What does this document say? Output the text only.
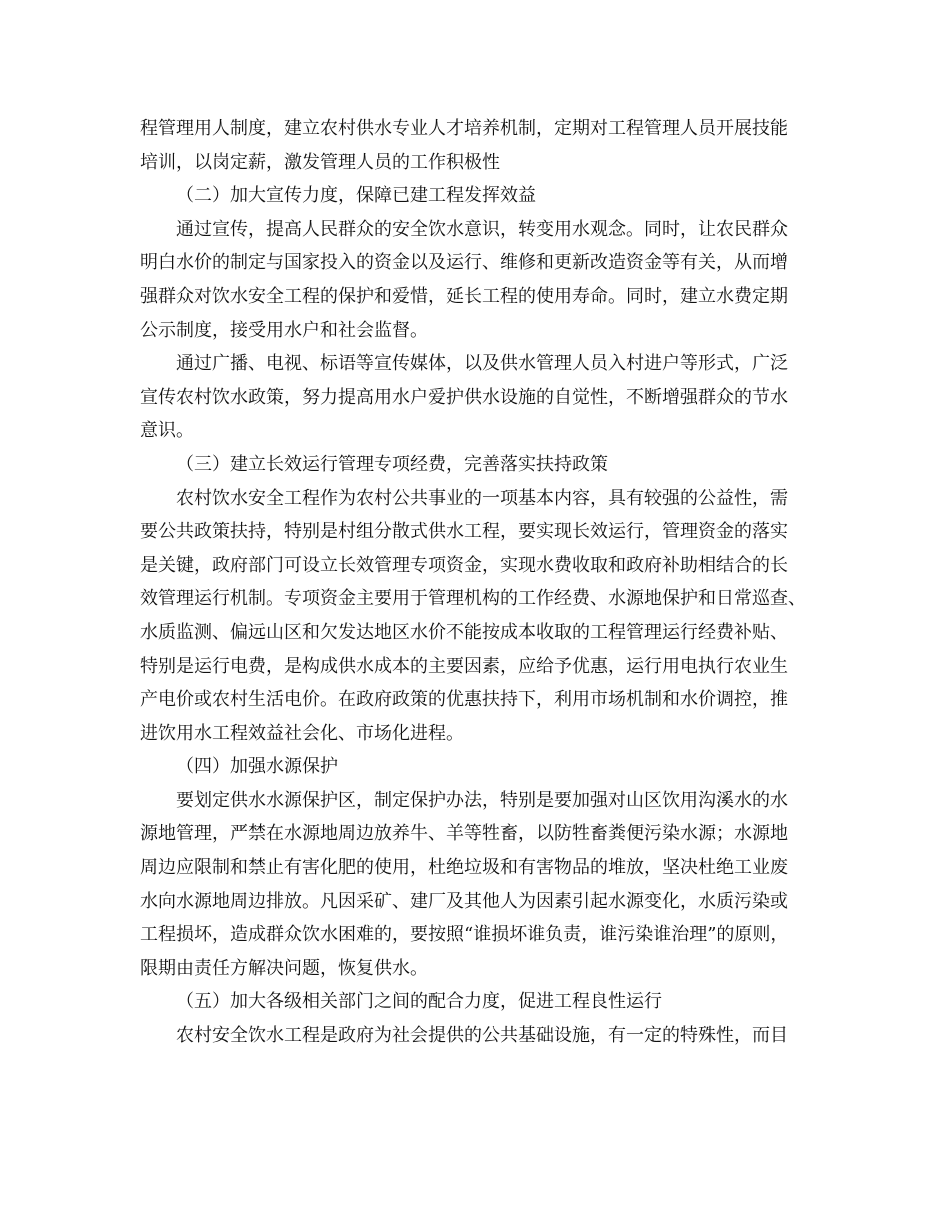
程管理用人制度，建立农村供水专业人才培养机制，定期对工程管理人员开展技能
培训，以岗定薪，激发管理人员的工作积极性
（二）加大宣传力度，保障已建工程发挥效益
通过宣传，提高人民群众的安全饮水意识，转变用水观念。同时，让农民群众
明白水价的制定与国家投入的资金以及运行、维修和更新改造资金等有关，从而增
强群众对饮水安全工程的保护和爱惜，延长工程的使用寿命。同时，建立水费定期
公示制度，接受用水户和社会监督。
通过广播、电视、标语等宣传媒体，以及供水管理人员入村进户等形式，广泛
宣传农村饮水政策，努力提高用水户爱护供水设施的自觉性，不断增强群众的节水
意识。
（三）建立长效运行管理专项经费，完善落实扶持政策
农村饮水安全工程作为农村公共事业的一项基本内容，具有较强的公益性，需
要公共政策扶持，特别是村组分散式供水工程，要实现长效运行，管理资金的落实
是关键，政府部门可设立长效管理专项资金，实现水费收取和政府补助相结合的长
效管理运行机制。专项资金主要用于管理机构的工作经费、水源地保护和日常巡查、
水质监测、偏远山区和欠发达地区水价不能按成本收取的工程管理运行经费补贴、
特别是运行电费，是构成供水成本的主要因素，应给予优惠，运行用电执行农业生
产电价或农村生活电价。在政府政策的优惠扶持下，利用市场机制和水价调控，推
进饮用水工程效益社会化、市场化进程。
（四）加强水源保护
要划定供水水源保护区，制定保护办法，特别是要加强对山区饮用沟溪水的水
源地管理，严禁在水源地周边放养牛、羊等牲畜，以防牲畜粪便污染水源；水源地
周边应限制和禁止有害化肥的使用，杜绝垃圾和有害物品的堆放，坚决杜绝工业废
水向水源地周边排放。凡因采矿、建厂及其他人为因素引起水源变化，水质污染或
工程损坏，造成群众饮水困难的，要按照“谁损坏谁负责，谁污染谁治理”的原则，
限期由责任方解决问题，恢复供水。
（五）加大各级相关部门之间的配合力度，促进工程良性运行
农村安全饮水工程是政府为社会提供的公共基础设施，有一定的特殊性，而目
